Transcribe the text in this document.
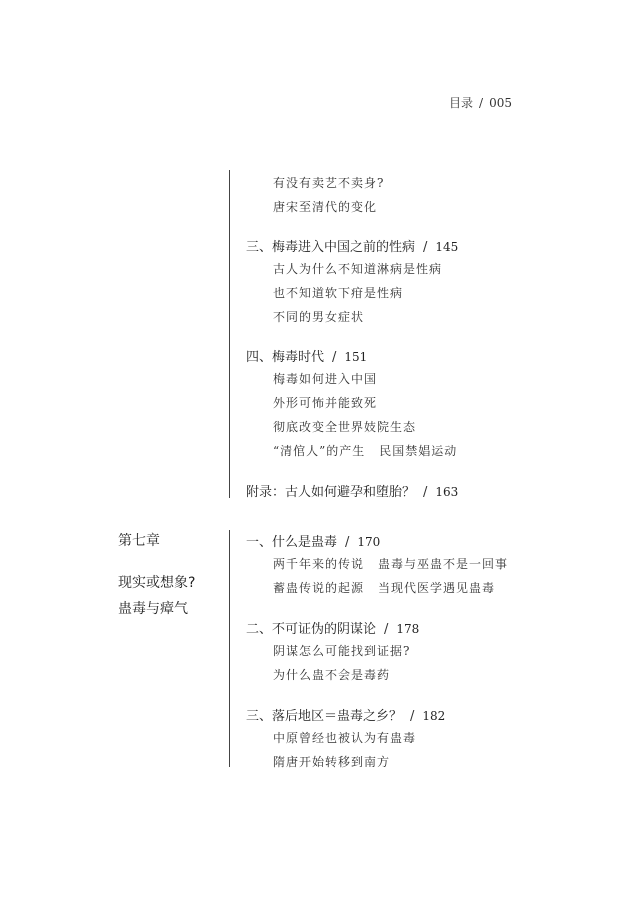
目录 / 005
有没有卖艺不卖身?
唐宋至清代的变化
三、梅毒进入中国之前的性病 / 145
古人为什么不知道淋病是性病
也不知道软下疳是性病
不同的男女症状
四、梅毒时代 / 151
梅毒如何进入中国
外形可怖并能致死
彻底改变全世界妓院生态
“清倌人”的产生 民国禁娼运动
附录：古人如何避孕和堕胎？ / 163
第七章
现实或想象?
蛊毒与瘴气
一、什么是蛊毒 / 170
两千年来的传说 蛊毒与巫蛊不是一回事
蓄蛊传说的起源 当现代医学遇见蛊毒
二、不可证伪的阴谋论 / 178
阴谋怎么可能找到证据?
为什么蛊不会是毒药
三、落后地区＝蛊毒之乡？ / 182
中原曾经也被认为有蛊毒
隋唐开始转移到南方
